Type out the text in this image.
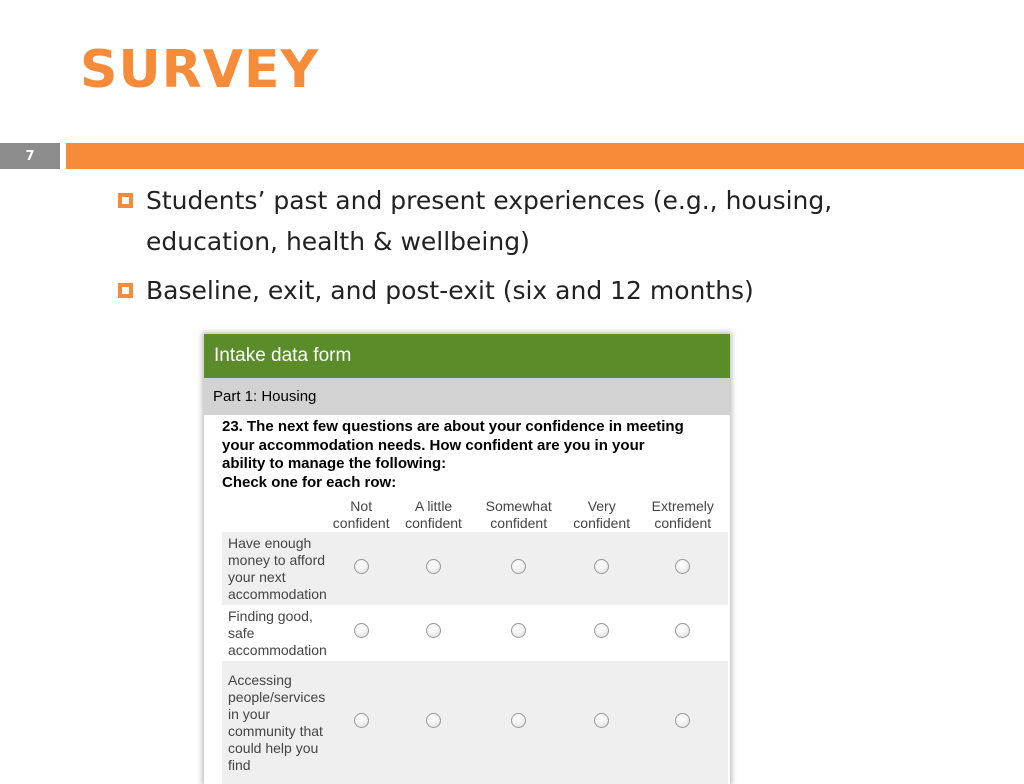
SURVEY
7
Students’ past and present experiences (e.g., housing, education, health & wellbeing)
Baseline, exit, and post-exit (six and 12 months)
Intake data form
Part 1: Housing
23. The next few questions are about your confidence in meeting
your accommodation needs. How confident are you in your
ability to manage the following:
Check one for each row:
	Not confident	A little confident	Somewhat confident	Very confident	Extremely confident
Have enough money to afford your next accommodation					
Finding good, safe accommodation					
Accessing people/services in your community that could help you find					
